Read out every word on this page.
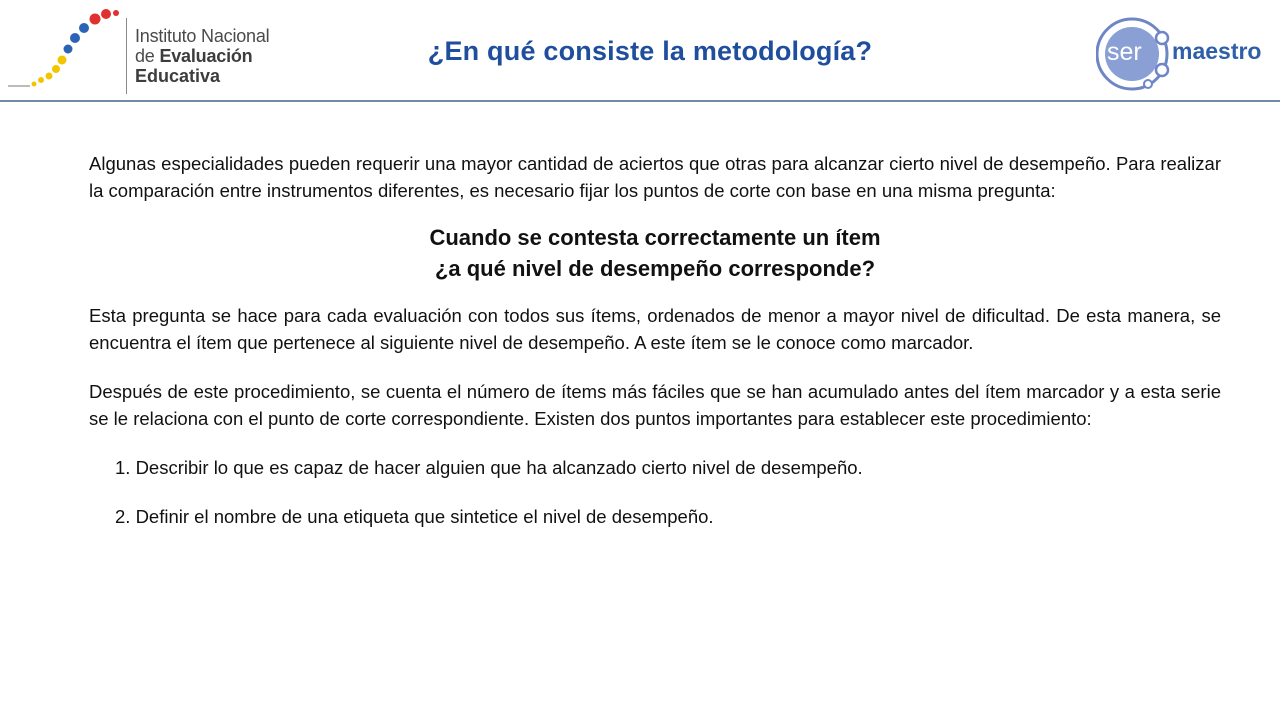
Instituto Nacional
de Evaluación
Educativa
¿En qué consiste la metodología?	ser maestro

Algunas especialidades pueden requerir una mayor cantidad de aciertos que otras para alcanzar cierto nivel de desempeño. Para realizar la comparación entre instrumentos diferentes, es necesario fijar los puntos de corte con base en una misma pregunta:

Cuando se contesta correctamente un ítem
¿a qué nivel de desempeño corresponde?

Esta pregunta se hace para cada evaluación con todos sus ítems, ordenados de menor a mayor nivel de dificultad. De esta manera, se encuentra el ítem que pertenece al siguiente nivel de desempeño. A este ítem se le conoce como marcador.

Después de este procedimiento, se cuenta el número de ítems más fáciles que se han acumulado antes del ítem marcador y a esta serie se le relaciona con el punto de corte correspondiente. Existen dos puntos importantes para establecer este procedimiento:

1. Describir lo que es capaz de hacer alguien que ha alcanzado cierto nivel de desempeño.

2. Definir el nombre de una etiqueta que sintetice el nivel de desempeño.
